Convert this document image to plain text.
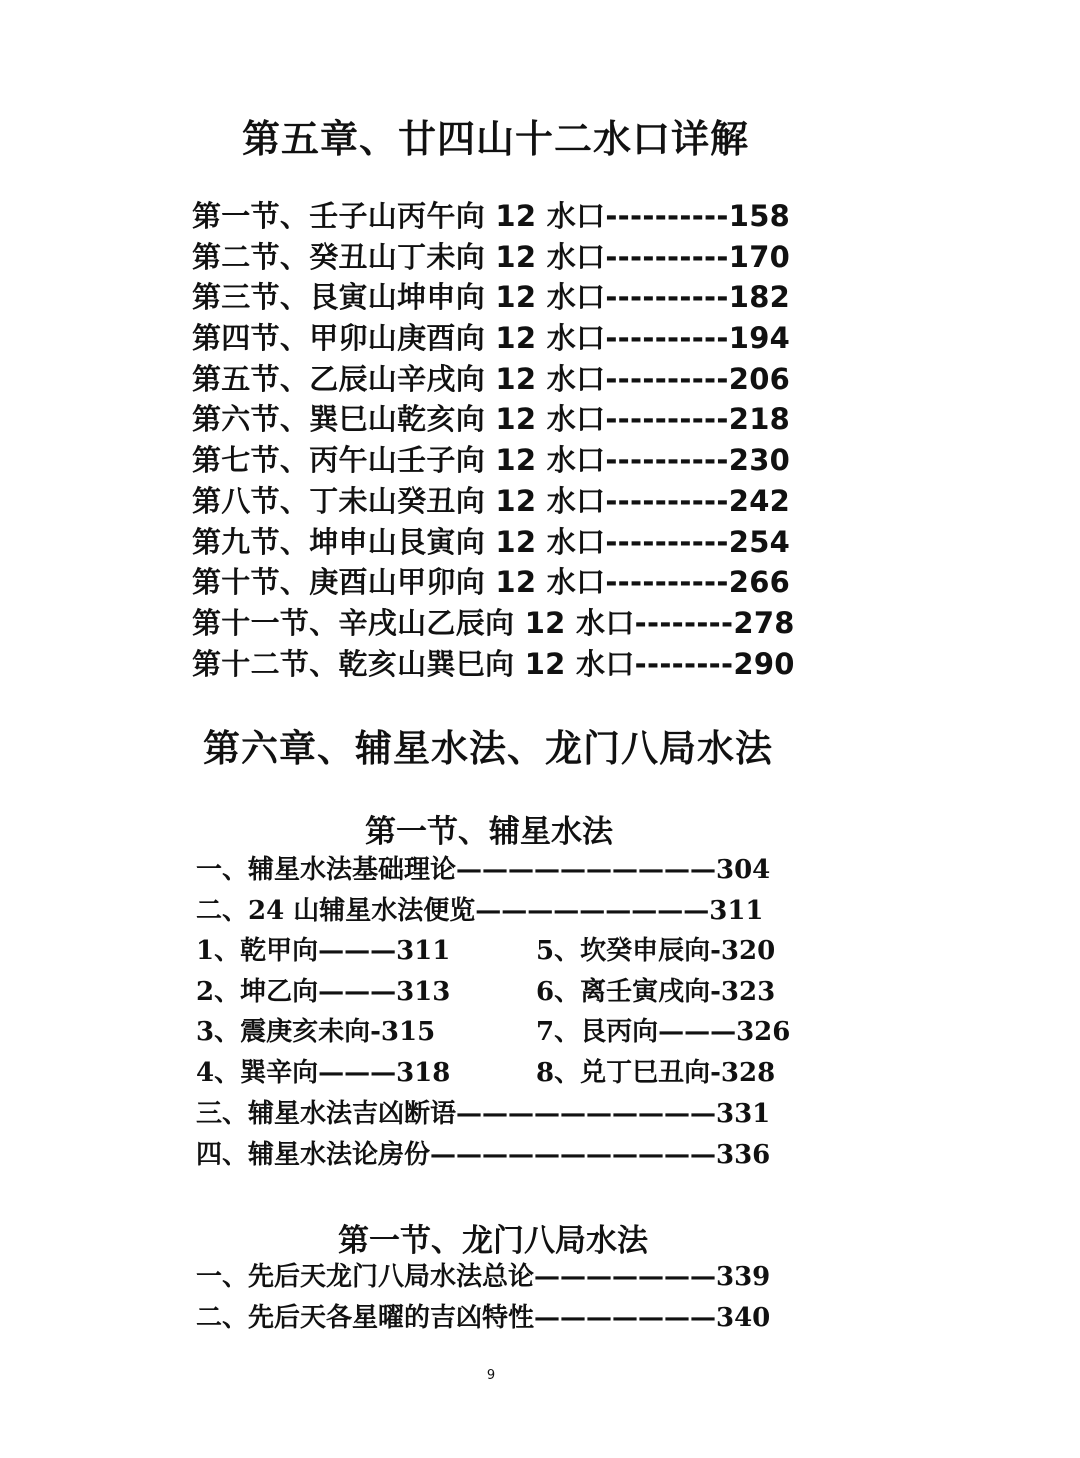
第五章、廿四山十二水口详解
第一节、壬子山丙午向 12 水口----------158
第二节、癸丑山丁未向 12 水口----------170
第三节、艮寅山坤申向 12 水口----------182
第四节、甲卯山庚酉向 12 水口----------194
第五节、乙辰山辛戌向 12 水口----------206
第六节、巽巳山乾亥向 12 水口----------218
第七节、丙午山壬子向 12 水口----------230
第八节、丁未山癸丑向 12 水口----------242
第九节、坤申山艮寅向 12 水口----------254
第十节、庚酉山甲卯向 12 水口----------266
第十一节、辛戌山乙辰向 12 水口--------278
第十二节、乾亥山巽巳向 12 水口--------290
第六章、辅星水法、龙门八局水法
第一节、辅星水法
一、辅星水法基础理论——————————304
二、24 山辅星水法便览—————————311
1、乾甲向———311	5、坎癸申辰向-320
2、坤乙向———313	6、离壬寅戌向-323
3、震庚亥未向-315	7、艮丙向———326
4、巽辛向———318	8、兑丁巳丑向-328
三、辅星水法吉凶断语——————————331
四、辅星水法论房份———————————336
第一节、龙门八局水法
一、先后天龙门八局水法总论———————339
二、先后天各星曜的吉凶特性———————340
9
